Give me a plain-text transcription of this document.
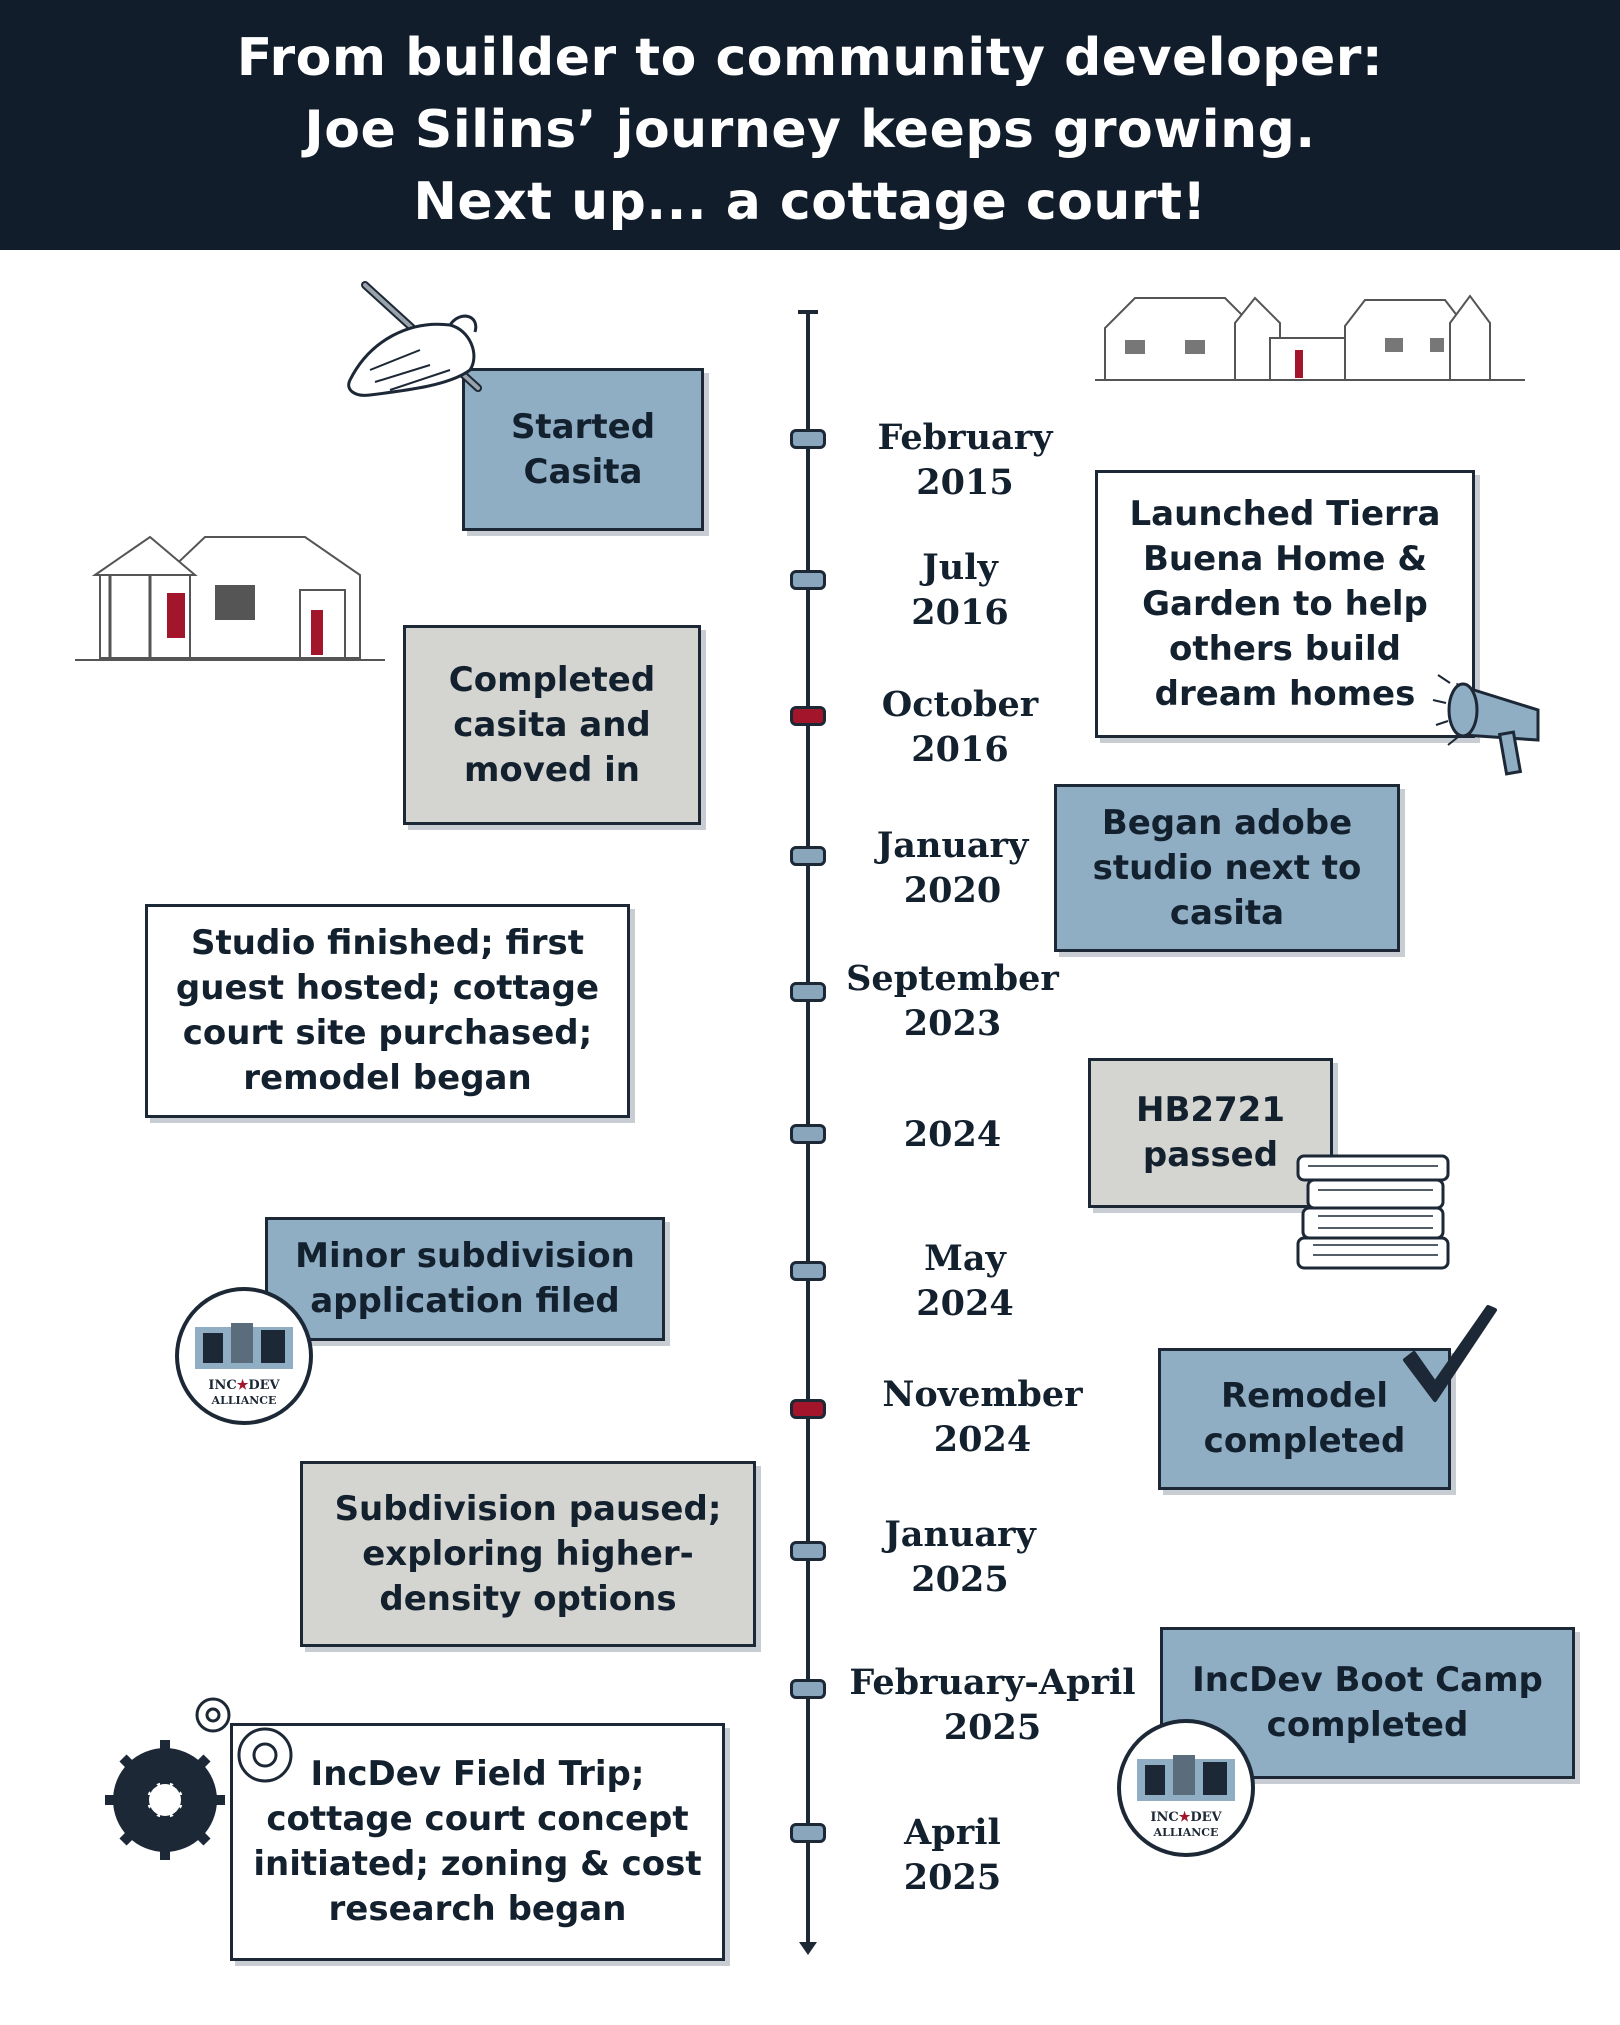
From builder to community developer:
Joe Silins’ journey keeps growing.
Next up... a cottage court!
February
2015
July
2016
October
2016
January
2020
September
2023
2024
May
2024
November
2024
January
2025
February-April
2025
April
2025
Started
Casita
Launched Tierra
Buena Home &
Garden to help
others build
dream homes
Completed
casita and
moved in
Began adobe
studio next to
casita
Studio finished; first
guest hosted; cottage
court site purchased;
remodel began
HB2721
passed
Minor subdivision
application filed
Remodel
completed
Subdivision paused;
exploring higher-
density options
IncDev Boot Camp
completed
IncDev Field Trip;
cottage court concept
initiated; zoning & cost
research began
INC★DEV
ALLIANCE
INC★DEV
ALLIANCE
